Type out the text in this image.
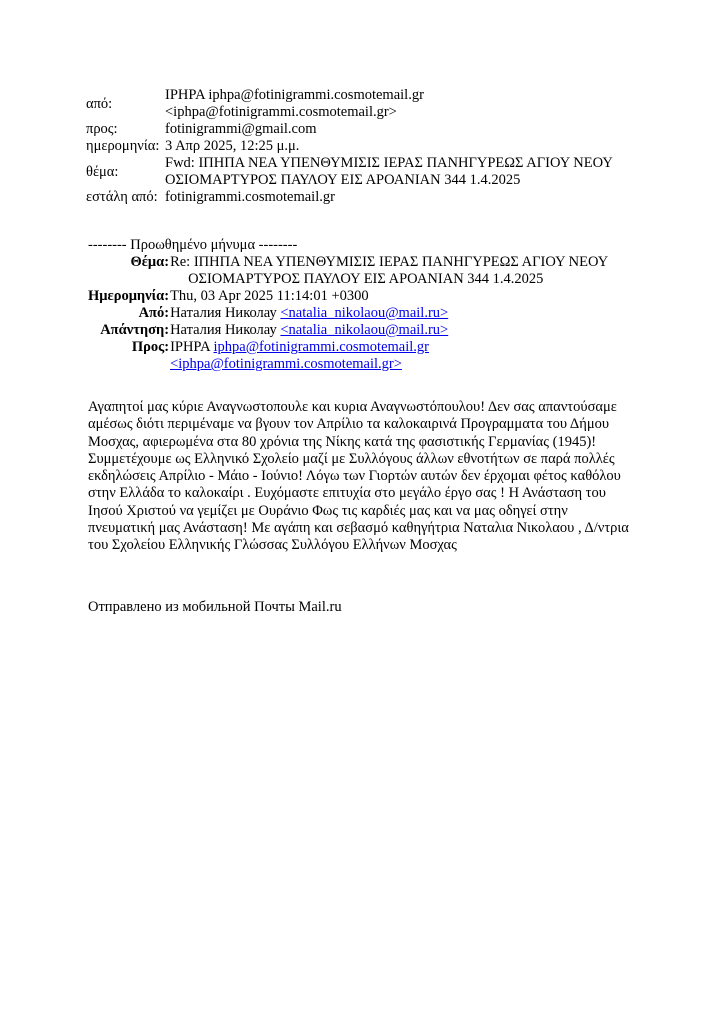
από:	ΙΡΗΡΑ iphpa@fotinigrammi.cosmotemail.gr
<iphpa@fotinigrammi.cosmotemail.gr>

προς:	fotinigrammi@gmail.com
ημερομηνία:	3 Απρ 2025, 12:25 μ.μ.
θέμα:	Fwd: ΙΠΗΠΑ ΝΕΑ ΥΠΕΝΘΥΜΙΣΙΣ ΙΕΡΑΣ ΠΑΝΗΓΥΡΕΩΣ ΑΓΙΟΥ ΝΕΟΥ
ΟΣΙΟΜΑΡΤΥΡΟΣ ΠΑΥΛΟΥ ΕΙΣ ΑΡΟΑΝΙΑΝ 344 1.4.2025

εστάλη από:	fotinigrammi.cosmotemail.gr
-------- Προωθημένο μήνυμα --------
Θέμα:	Re: ΙΠΗΠΑ ΝΕΑ ΥΠΕΝΘΥΜΙΣΙΣ ΙΕΡΑΣ ΠΑΝΗΓΥΡΕΩΣ ΑΓΙΟΥ ΝΕΟΥ
ΟΣΙΟΜΑΡΤΥΡΟΣ ΠΑΥΛΟΥ ΕΙΣ ΑΡΟΑΝΙΑΝ 344 1.4.2025

Ημερομηνία:	Thu, 03 Apr 2025 11:14:01 +0300
Από:	Наталия Николау <natalia_nikolaou@mail.ru>
Απάντηση:	Наталия Николау <natalia_nikolaou@mail.ru>
Προς:	ΙΡΗΡΑ iphpa@fotinigrammi.cosmotemail.gr
<iphpa@fotinigrammi.cosmotemail.gr>
Αγαπητοί μας κύριε Αναγνωστοπουλε και κυρια Αναγνωστόπουλου! Δεν σας απαντούσαμε
αμέσως διότι περιμέναμε να βγουν τον Απρίλιο τα καλοκαιρινά Προγραμματα του Δήμου
Μοσχας, αφιερωμένα στα 80 χρόνια της Νίκης κατά της φασιστικής Γερμανίας (1945)!
Συμμετέχουμε ως Ελληνικό Σχολείο μαζί με Συλλόγους άλλων εθνοτήτων σε παρά πολλές
εκδηλώσεις Απρίλιο - Μάιο - Ιούνιο! Λόγω των Γιορτών αυτών δεν έρχομαι φέτος καθόλου
στην Ελλάδα το καλοκαίρι . Ευχόμαστε επιτυχία στο μεγάλο έργο σας ! Η Ανάσταση του
Ιησού Χριστού να γεμίζει με Ουράνιο Φως τις καρδιές μας και να μας οδηγεί στην
πνευματική μας Ανάσταση! Με αγάπη και σεβασμό καθηγήτρια Ναταλια Νικολαου , Δ/ντρια
του Σχολείου Ελληνικής Γλώσσας Συλλόγου Ελλήνων Μοσχας
Отправлено из мобильной Почты Mail.ru
